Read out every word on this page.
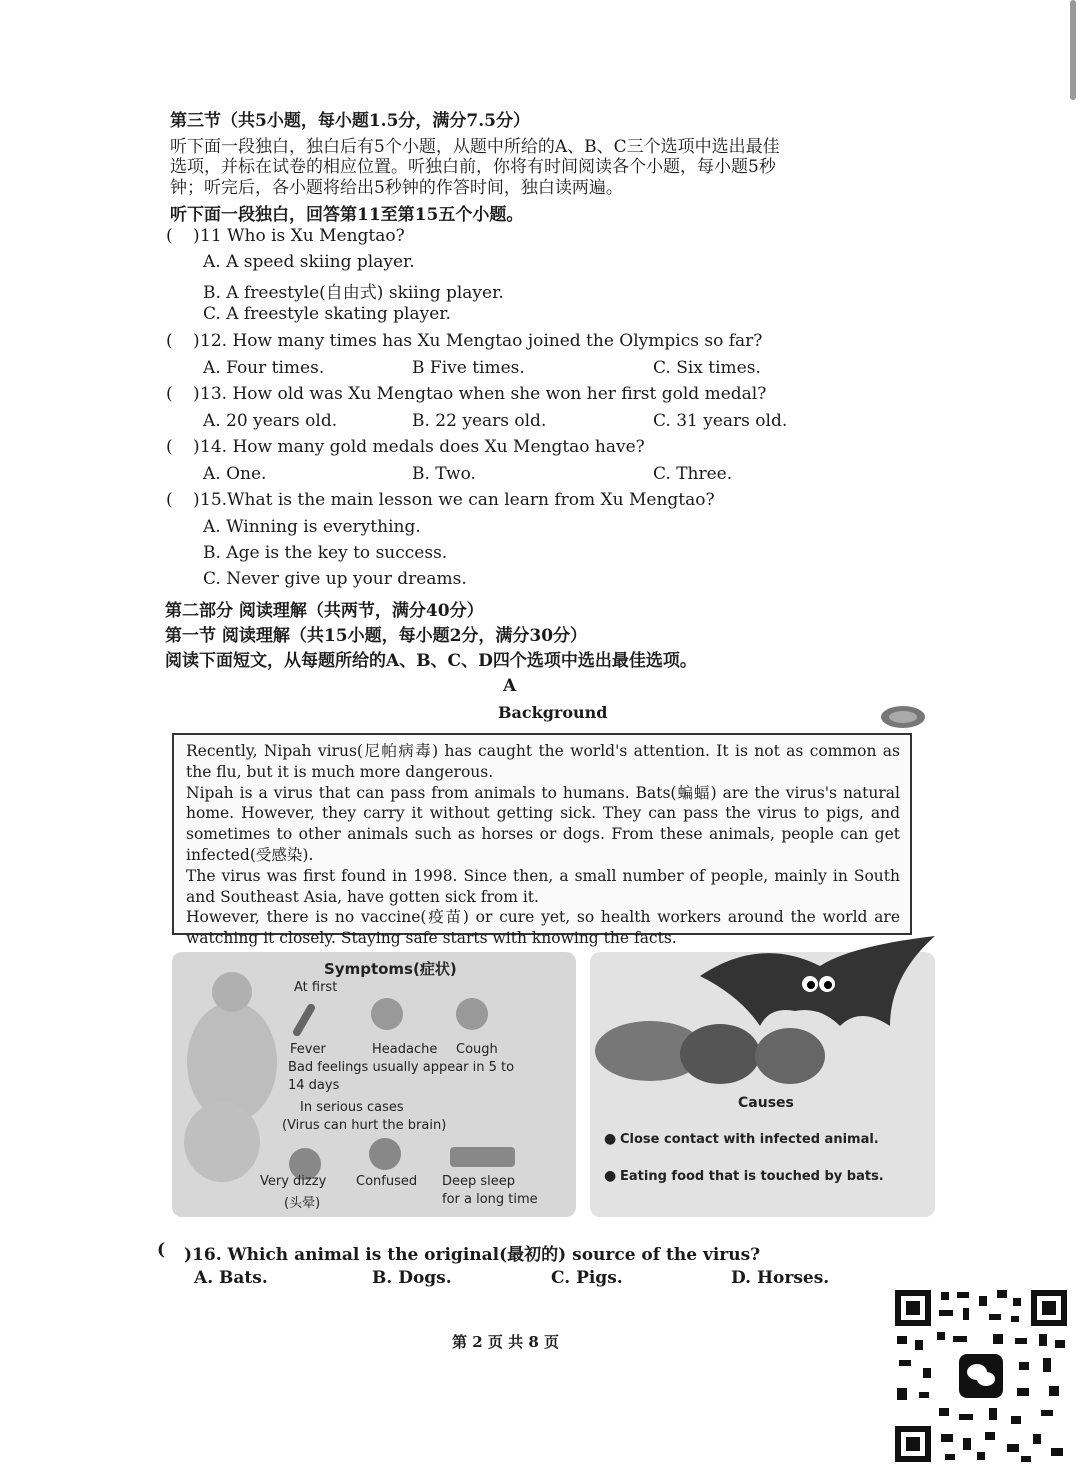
第三节（共5小题，每小题1.5分，满分7.5分）
听下面一段独白，独白后有5个小题，从题中所给的A、B、C三个选项中选出最佳
选项，并标在试卷的相应位置。听独白前，你将有时间阅读各个小题，每小题5秒
钟；听完后，各小题将给出5秒钟的作答时间，独白读两遍。
听下面一段独白，回答第11至第15五个小题。
( ) 11 Who is Xu Mengtao?
A. A speed skiing player.
B. A freestyle(自由式) skiing player.
C. A freestyle skating player.
( ) 12. How many times has Xu Mengtao joined the Olympics so far?
A. Four times.	B Five times.	C. Six times.
( ) 13. How old was Xu Mengtao when she won her first gold medal?
A. 20 years old.	B. 22 years old.	C. 31 years old.
( ) 14. How many gold medals does Xu Mengtao have?
A. One.	B. Two.	C. Three.
( ) 15.What is the main lesson we can learn from Xu Mengtao?
A. Winning is everything.
B. Age is the key to success.
C. Never give up your dreams.
第二部分 阅读理解（共两节，满分40分）
第一节 阅读理解（共15小题，每小题2分，满分30分）
阅读下面短文，从每题所给的A、B、C、D四个选项中选出最佳选项。
A
Background

Recently, Nipah virus(尼帕病毒) has caught the world's attention. It is not as common as the flu, but it is much more dangerous.

Nipah is a virus that can pass from animals to humans. Bats(蝙蝠) are the virus's natural home. However, they carry it without getting sick. They can pass the virus to pigs, and sometimes to other animals such as horses or dogs. From these animals, people can get infected(受感染).

The virus was first found in 1998. Since then, a small number of people, mainly in South and Southeast Asia, have gotten sick from it.

However, there is no vaccine(疫苗) or cure yet, so health workers around the world are watching it closely. Staying safe starts with knowing the facts.

Symptoms(症状)
At first
Fever	Headache Cough
Bad feelings usually appear in 5 to
14 days
In serious cases
(Virus can hurt the brain)
Very dizzy
(头晕)
Confused Deep sleep
for a long time
Causes
● Close contact with infected animal.
● Eating food that is touched by bats.
( )16. Which animal is the original(最初的) source of the virus?
A. Bats.	B. Dogs.	C. Pigs.	D. Horses.
第 2 页 共 8 页
